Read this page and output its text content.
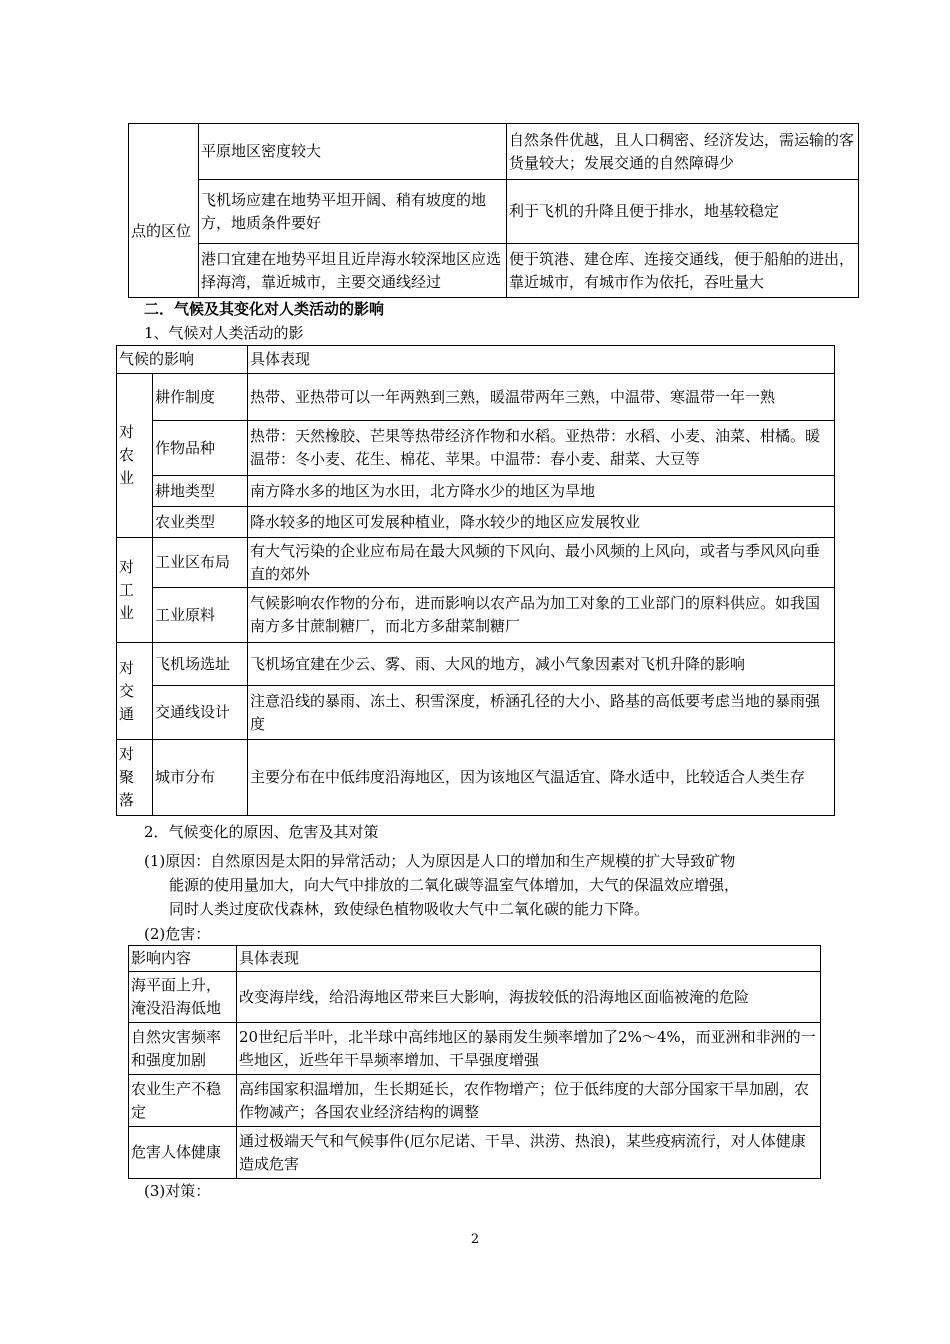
	平原地区密度较大	自然条件优越，且人口稠密、经济发达，需运输的客货量较大；发展交通的自然障碍少
点的区位	飞机场应建在地势平坦开阔、稍有坡度的地方，地质条件要好	利于飞机的升降且便于排水，地基较稳定
	港口宜建在地势平坦且近岸海水较深地区应选择海湾，靠近城市，主要交通线经过	便于筑港、建仓库、连接交通线，便于船舶的进出，靠近城市，有城市作为依托，吞吐量大
二．气候及其变化对人类活动的影响
1、气候对人类活动的影
气候的影响		具体表现
对
农
业	耕作制度	热带、亚热带可以一年两熟到三熟，暖温带两年三熟，中温带、寒温带一年一熟
	作物品种	热带：天然橡胶、芒果等热带经济作物和水稻。亚热带：水稻、小麦、油菜、柑橘。暖温带：冬小麦、花生、棉花、苹果。中温带：春小麦、甜菜、大豆等
	耕地类型	南方降水多的地区为水田，北方降水少的地区为旱地
	农业类型	降水较多的地区可发展种植业，降水较少的地区应发展牧业
对
工
业	工业区布局	有大气污染的企业应布局在最大风频的下风向、最小风频的上风向，或者与季风风向垂直的郊外
	工业原料	气候影响农作物的分布，进而影响以农产品为加工对象的工业部门的原料供应。如我国南方多甘蔗制糖厂，而北方多甜菜制糖厂
对
交
通	飞机场选址	飞机场宜建在少云、雾、雨、大风的地方，减小气象因素对飞机升降的影响
	交通线设计	注意沿线的暴雨、冻土、积雪深度，桥涵孔径的大小、路基的高低要考虑当地的暴雨强度
对
聚
落	城市分布	主要分布在中低纬度沿海地区，因为该地区气温适宜、降水适中，比较适合人类生存
2．气候变化的原因、危害及其对策
(1)原因：自然原因是太阳的异常活动；人为原因是人口的增加和生产规模的扩大导致矿物
能源的使用量加大，向大气中排放的二氧化碳等温室气体增加，大气的保温效应增强，
同时人类过度砍伐森林，致使绿色植物吸收大气中二氧化碳的能力下降。
(2)危害：
影响内容	具体表现
海平面上升，淹没沿海低地	改变海岸线，给沿海地区带来巨大影响，海拔较低的沿海地区面临被淹的危险
自然灾害频率和强度加剧	20世纪后半叶，北半球中高纬地区的暴雨发生频率增加了2%～4%，而亚洲和非洲的一些地区，近些年干旱频率增加、干旱强度增强
农业生产不稳定	高纬国家积温增加，生长期延长，农作物增产；位于低纬度的大部分国家干旱加剧，农作物减产；各国农业经济结构的调整
危害人体健康	通过极端天气和气候事件(厄尔尼诺、干旱、洪涝、热浪)，某些疫病流行，对人体健康造成危害
(3)对策：
2
